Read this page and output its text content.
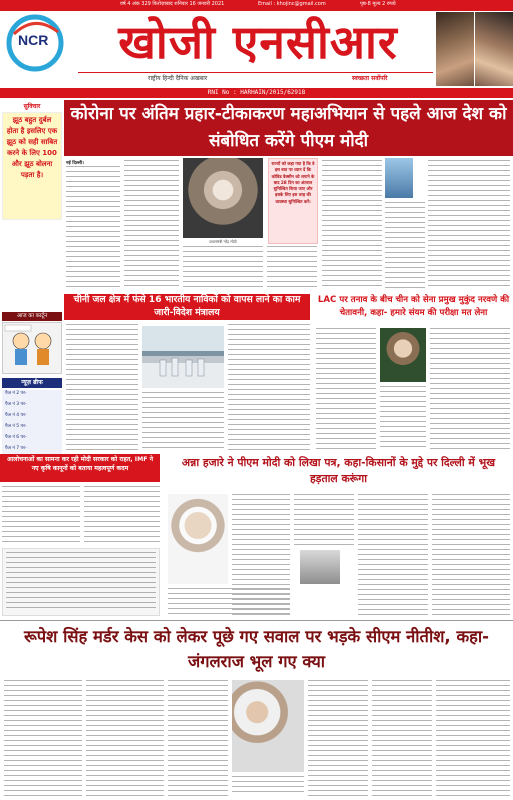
वर्ष 4 अंक 329 फिरोज़ाबाद शनिवार 16 जनवरी 2021	Email : khojinc@gmail.com	पृष्ठ-8 मूल्य 2 रुपये
NCR खोजी एनसीआर
राष्ट्रीय हिन्दी दैनिक अखबार	स्वच्छता सर्वोपरि
RNI No : HARHAIN/2015/62918
सुविचार
झूठ बहुत दुर्बल होता है इसलिए एक झूठ को सही साबित करने के लिए 100 और झूठ बोलना पड़ता है।
आज का कार्टून
न्यूज़ ब्रीफ
पैज नं 2 पर-
पैज नं 3 पर-
पैज नं 4 पर-
पैज नं 5 पर-
पैज नं 6 पर-
पैज नं 7 पर-
कोरोना पर अंतिम प्रहार-टीकाकरण महाअभियान से पहले आज देश को संबोधित करेंगे पीएम मोदी
नई दिल्ली।
प्रधानमंत्री नरेंद्र मोदी
राज्यों को कहा गया है कि वे इस बात पर ध्यान दें कि कोविड वैक्सीन को लगाने के बाद 28 दिन का अंतराल सुनिश्चित किया जाए और इसके लिए इस तरह की व्यवस्था सुनिश्चित करें।
चीनी जल क्षेत्र में फंसे 16 भारतीय नाविकों को वापस लाने का काम जारी-विदेश मंत्रालय
LAC पर तनाव के बीच चीन को सेना प्रमुख मुकुंद नरवणे की चेतावनी, कहा- हमारे संयम की परीक्षा मत लेना
आलोचनाओं का सामना कर रही मोदी सरकार को राहत, IMF ने नए कृषि कानूनों को बताया महत्वपूर्ण कदम	अन्ना हजारे ने पीएम मोदी को लिखा पत्र, कहा-किसानों के मुद्दे पर दिल्ली में भूख हड़ताल करूंगा
रूपेश सिंह मर्डर केस को लेकर पूछे गए सवाल पर भड़के सीएम नीतीश, कहा- जंगलराज भूल गए क्या
